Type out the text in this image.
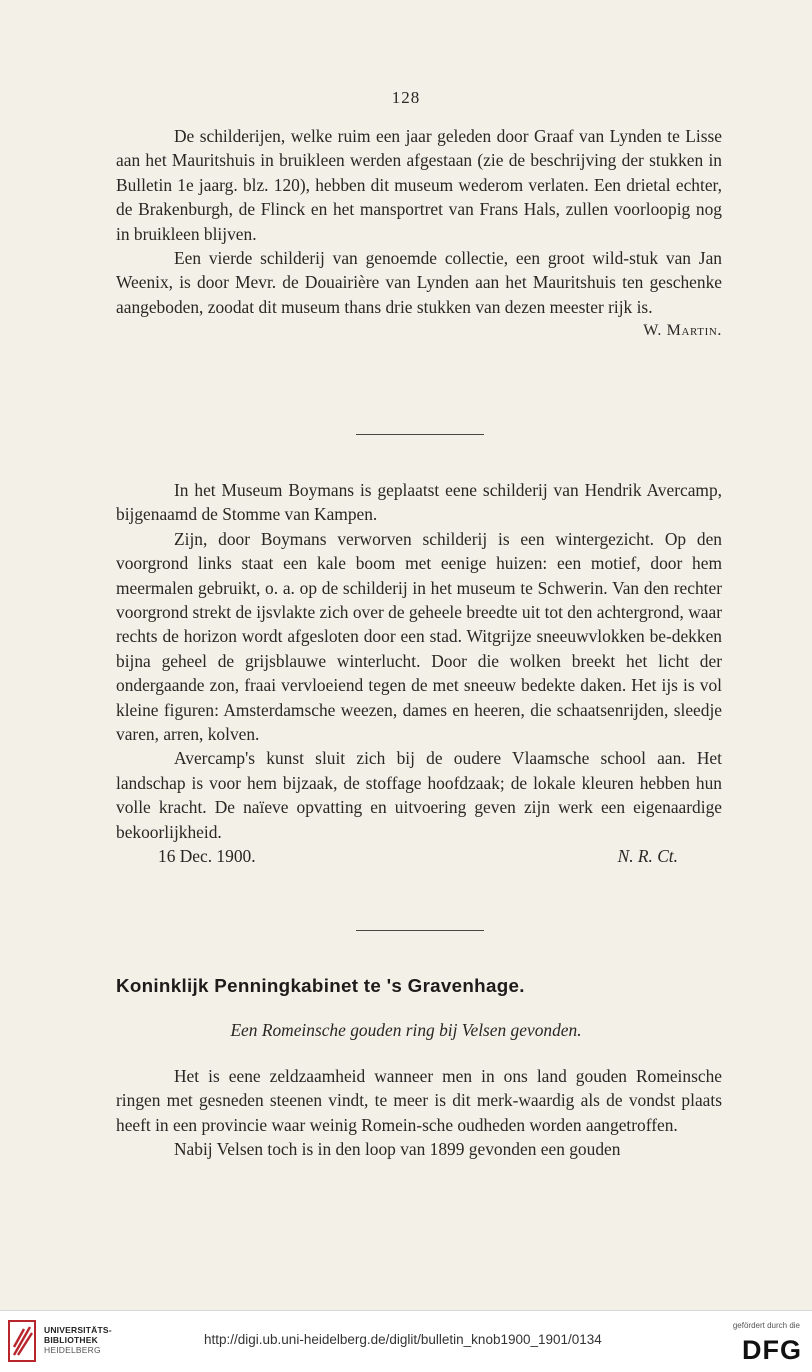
128

De schilderijen, welke ruim een jaar geleden door Graaf van Lynden te Lisse aan het Mauritshuis in bruikleen werden afgestaan (zie de beschrijving der stukken in Bulletin 1e jaarg. blz. 120), hebben dit museum wederom verlaten. Een drietal echter, de Brakenburgh, de Flinck en het mansportret van Frans Hals, zullen voorloopig nog in bruikleen blijven.

Een vierde schilderij van genoemde collectie, een groot wild-stuk van Jan Weenix, is door Mevr. de Douairière van Lynden aan het Mauritshuis ten geschenke aangeboden, zoodat dit museum thans drie stukken van dezen meester rijk is.

W. Martin.

In het Museum Boymans is geplaatst eene schilderij van Hendrik Avercamp, bijgenaamd de Stomme van Kampen.

Zijn, door Boymans verworven schilderij is een wintergezicht. Op den voorgrond links staat een kale boom met eenige huizen: een motief, door hem meermalen gebruikt, o. a. op de schilderij in het museum te Schwerin. Van den rechter voorgrond strekt de ijsvlakte zich over de geheele breedte uit tot den achtergrond, waar rechts de horizon wordt afgesloten door een stad. Witgrijze sneeuwvlokken be-dekken bijna geheel de grijsblauwe winterlucht. Door die wolken breekt het licht der ondergaande zon, fraai vervloeiend tegen de met sneeuw bedekte daken. Het ijs is vol kleine figuren: Amsterdamsche weezen, dames en heeren, die schaatsenrijden, sleedje varen, arren, kolven.

Avercamp's kunst sluit zich bij de oudere Vlaamsche school aan. Het landschap is voor hem bijzaak, de stoffage hoofdzaak; de lokale kleuren hebben hun volle kracht. De naïeve opvatting en uitvoering geven zijn werk een eigenaardige bekoorlijkheid.

16 Dec. 1900.	N. R. Ct.
Koninklijk Penningkabinet te 's Gravenhage.
Een Romeinsche gouden ring bij Velsen gevonden.

Het is eene zeldzaamheid wanneer men in ons land gouden Romeinsche ringen met gesneden steenen vindt, te meer is dit merk-waardig als de vondst plaats heeft in een provincie waar weinig Romein-sche oudheden worden aangetroffen.

Nabij Velsen toch is in den loop van 1899 gevonden een gouden

UNIVERSITÄTS-
BIBLIOTHEK
HEIDELBERG
http://digi.ub.uni-heidelberg.de/diglit/bulletin_knob1900_1901/0134
gefördert durch die
DFG
